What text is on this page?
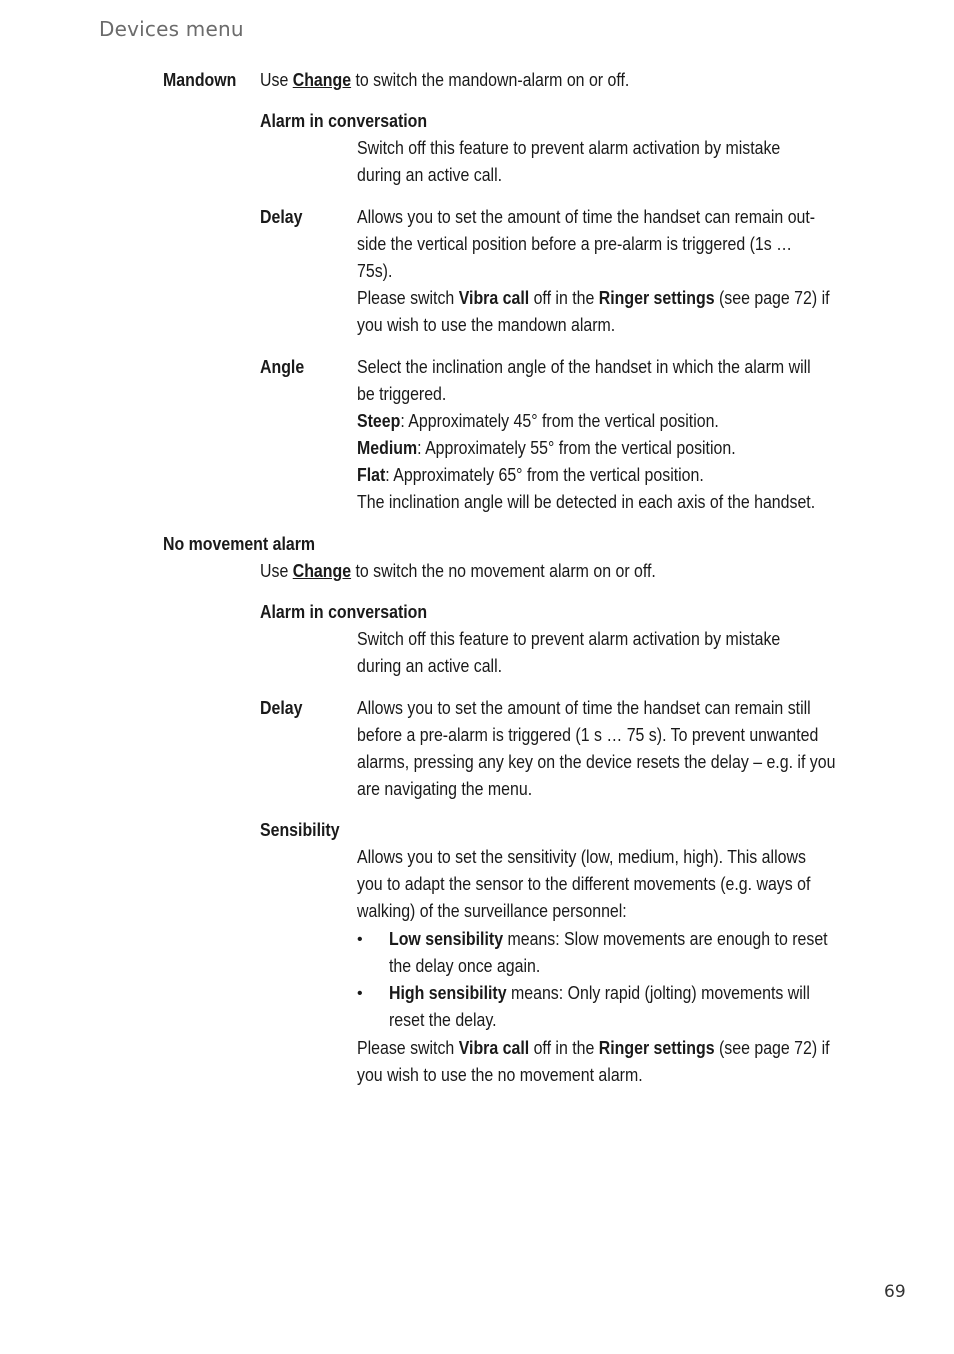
Devices menu
Mandown Use Change to switch the mandown-alarm on or off.
Alarm in conversation
Switch off this feature to prevent alarm activation by mistake
during an active call.
Delay	Allows you to set the amount of time the handset can remain out-
side the vertical position before a pre-alarm is triggered (1s …
75s).
Please switch Vibra call off in the Ringer settings (see page 72) if
you wish to use the mandown alarm.
Angle	Select the inclination angle of the handset in which the alarm will
be triggered.
Steep: Approximately 45° from the vertical position.
Medium: Approximately 55° from the vertical position.
Flat: Approximately 65° from the vertical position.
The inclination angle will be detected in each axis of the handset.
No movement alarm
Use Change to switch the no movement alarm on or off.
Alarm in conversation
Switch off this feature to prevent alarm activation by mistake
during an active call.
Delay	Allows you to set the amount of time the handset can remain still
before a pre-alarm is triggered (1 s … 75 s). To prevent unwanted
alarms, pressing any key on the device resets the delay – e.g. if you
are navigating the menu.
Sensibility
Allows you to set the sensitivity (low, medium, high). This allows
you to adapt the sensor to the different movements (e.g. ways of
walking) of the surveillance personnel:
• Low sensibility means: Slow movements are enough to reset
the delay once again.
• High sensibility means: Only rapid (jolting) movements will
reset the delay.
Please switch Vibra call off in the Ringer settings (see page 72) if
you wish to use the no movement alarm.
69
